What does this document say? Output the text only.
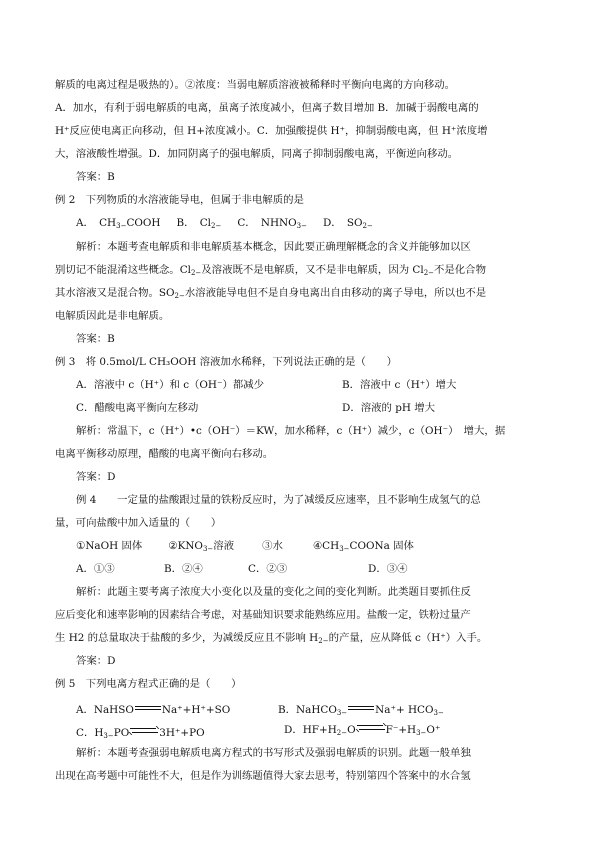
解质的电离过程是吸热的）。②浓度：当弱电解质溶液被稀释时平衡向电离的方向移动。
A．加水，有利于弱电解质的电离，虽离子浓度减小，但离子数目增加 B．加碱于弱酸电离的
H⁺反应使电离正向移动，但 H+浓度减小。C．加强酸提供 H⁺，抑制弱酸电离，但 H⁺浓度增
大，溶液酸性增强。D．加同阴离子的强电解质，同离子抑制弱酸电离，平衡逆向移动。
答案：B
例 2　下列物质的水溶液能导电，但属于非电解质的是
A．　$CH_{3-}COOH$ B．　$Cl_{2-}$ C．　$NHNO_{3-}$ D．　$SO_{2-}$
解析：本题考查电解质和非电解质基本概念，因此要正确理解概念的含义并能够加以区
别切记不能混淆这些概念。$Cl_{2-}$及溶液既不是电解质，又不是非电解质，因为 $Cl_{2-}$不是化合物
其水溶液又是混合物。$SO_{2-}$水溶液能导电但不是自身电离出自由移动的离子导电，所以也不是
电解质因此是非电解质。
答案：B
例 3　将 0.5mol/L CH₃OOH 溶液加水稀释，下列说法正确的是（　　）
A．溶液中 c（H⁺）和 c（OH⁻）都减少	B．溶液中 c（H⁺）增大
C．醋酸电离平衡向左移动	D．溶液的 pH 增大
解析：常温下，c（H⁺）•c（OH⁻）＝KW，加水稀释，c（H⁺）减少，c（OH⁻）　增大，据
电离平衡移动原理，醋酸的电离平衡向右移动。
答案：D
例 4　　一定量的盐酸跟过量的铁粉反应时，为了减缓反应速率，且不影响生成氢气的总
量，可向盐酸中加入适量的（　　）
①NaOH 固体	$②KNO_{3-}$溶液	③水	$④CH_{3-}COONa$ 固体
A．①③	B．②④	C．②③	D．③④
解析：此题主要考离子浓度大小变化以及量的变化之间的变化判断。此类题目要抓住反
应后变化和速率影响的因素结合考虑，对基础知识要求能熟练应用。盐酸一定，铁粉过量产
生 H2 的总量取决于盐酸的多少，为减缓反应且不影响 $H_{2-}$的产量，应从降低 c（H⁺）入手。
答案：D
例 5　下列电离方程式正确的是（　　）
A．NaHSO	Na⁺+H⁺+SO	B．NaHCO$_{3-}$	$Na^++ HCO_{3-}$
C．$H_{3-}PO$	3H⁺+PO	D．$HF+H_{2-}O$	$F^-+H_{3-}O^+$
解析：本题考查强弱电解质电离方程式的书写形式及强弱电解质的识别。此题一般单独
出现在高考题中可能性不大，但是作为训练题值得大家去思考，特别第四个答案中的水合氢
